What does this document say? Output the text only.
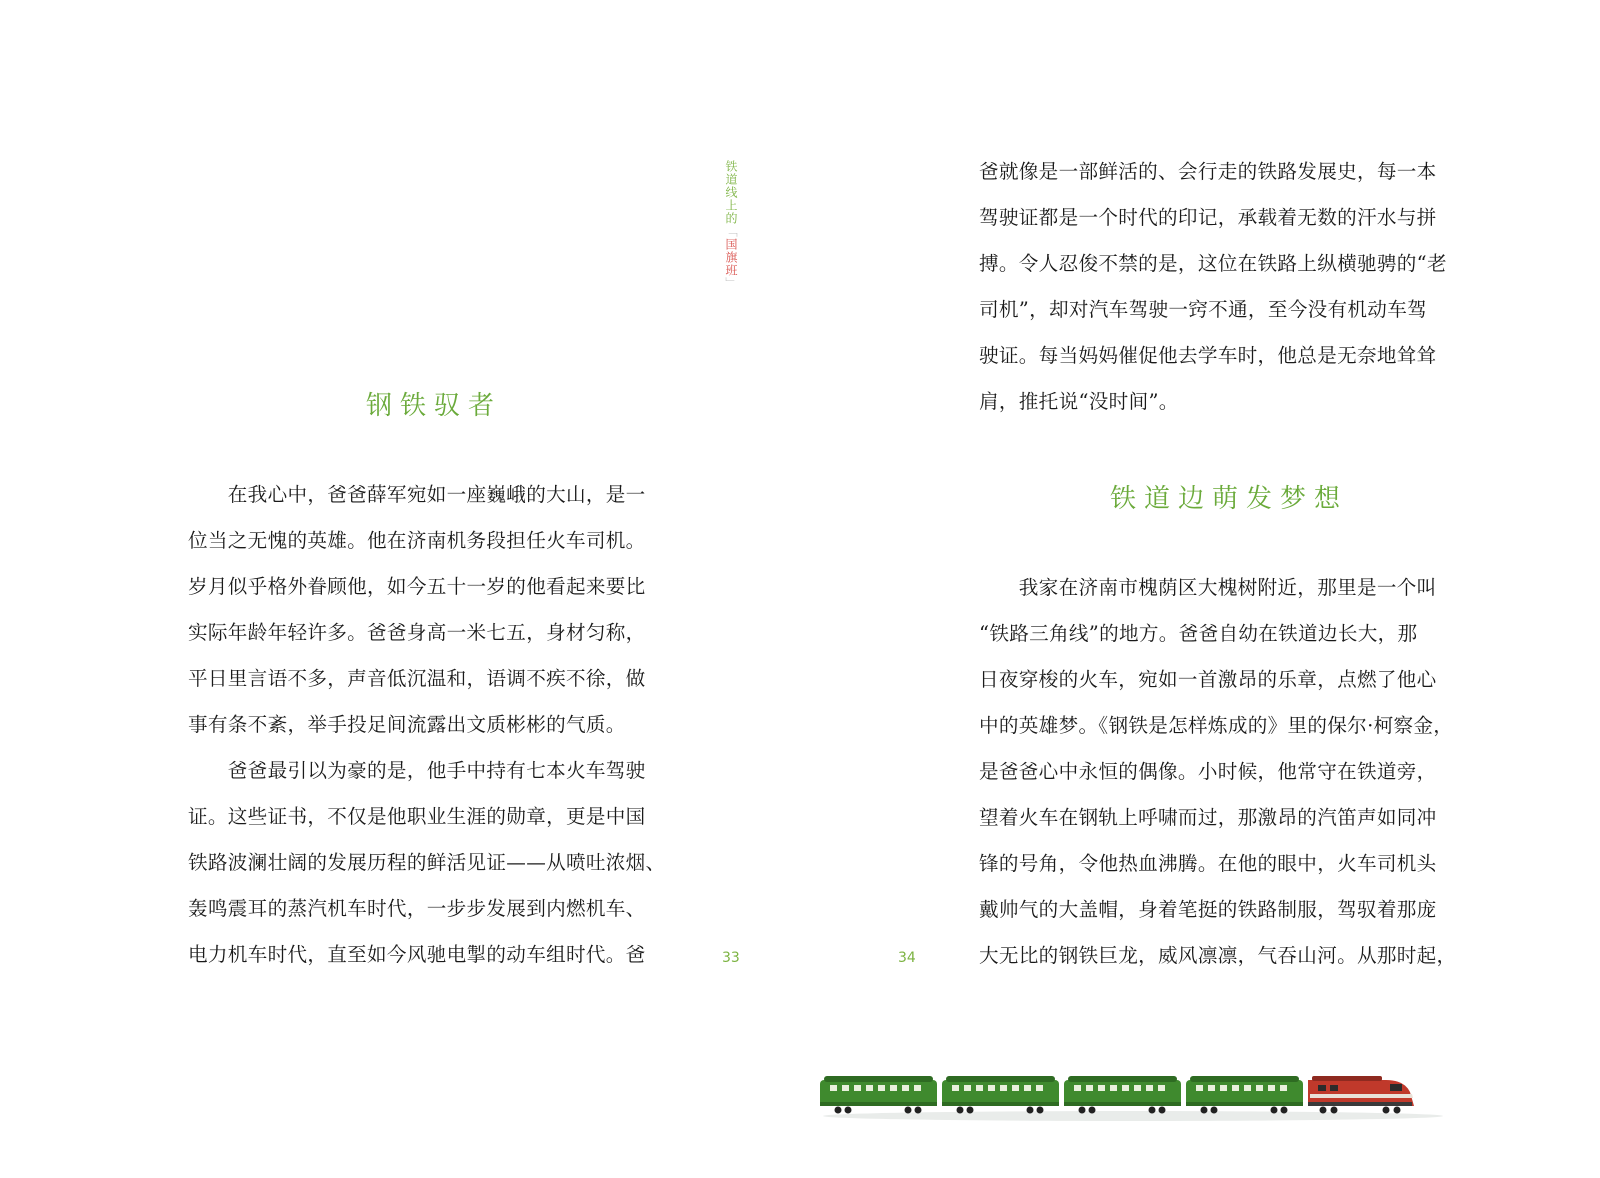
铁道线上的「国旗班」
钢铁驭者
　　在我心中，爸爸薛军宛如一座巍峨的大山，是一
位当之无愧的英雄。他在济南机务段担任火车司机。
岁月似乎格外眷顾他，如今五十一岁的他看起来要比
实际年龄年轻许多。爸爸身高一米七五，身材匀称，
平日里言语不多，声音低沉温和，语调不疾不徐，做
事有条不紊，举手投足间流露出文质彬彬的气质。
　　爸爸最引以为豪的是，他手中持有七本火车驾驶
证。这些证书，不仅是他职业生涯的勋章，更是中国
铁路波澜壮阔的发展历程的鲜活见证——从喷吐浓烟、
轰鸣震耳的蒸汽机车时代，一步步发展到内燃机车、
电力机车时代，直至如今风驰电掣的动车组时代。爸	33	34

爸就像是一部鲜活的、会行走的铁路发展史，每一本
驾驶证都是一个时代的印记，承载着无数的汗水与拼
搏。令人忍俊不禁的是，这位在铁路上纵横驰骋的“老
司机”，却对汽车驾驶一窍不通，至今没有机动车驾
驶证。每当妈妈催促他去学车时，他总是无奈地耸耸
肩，推托说“没时间”。
铁道边萌发梦想
　　我家在济南市槐荫区大槐树附近，那里是一个叫
“铁路三角线”的地方。爸爸自幼在铁道边长大，那
日夜穿梭的火车，宛如一首激昂的乐章，点燃了他心
中的英雄梦。《钢铁是怎样炼成的》里的保尔·柯察金，
是爸爸心中永恒的偶像。小时候，他常守在铁道旁，
望着火车在钢轨上呼啸而过，那激昂的汽笛声如同冲
锋的号角，令他热血沸腾。在他的眼中，火车司机头
戴帅气的大盖帽，身着笔挺的铁路制服，驾驭着那庞
大无比的钢铁巨龙，威风凛凛，气吞山河。从那时起，
